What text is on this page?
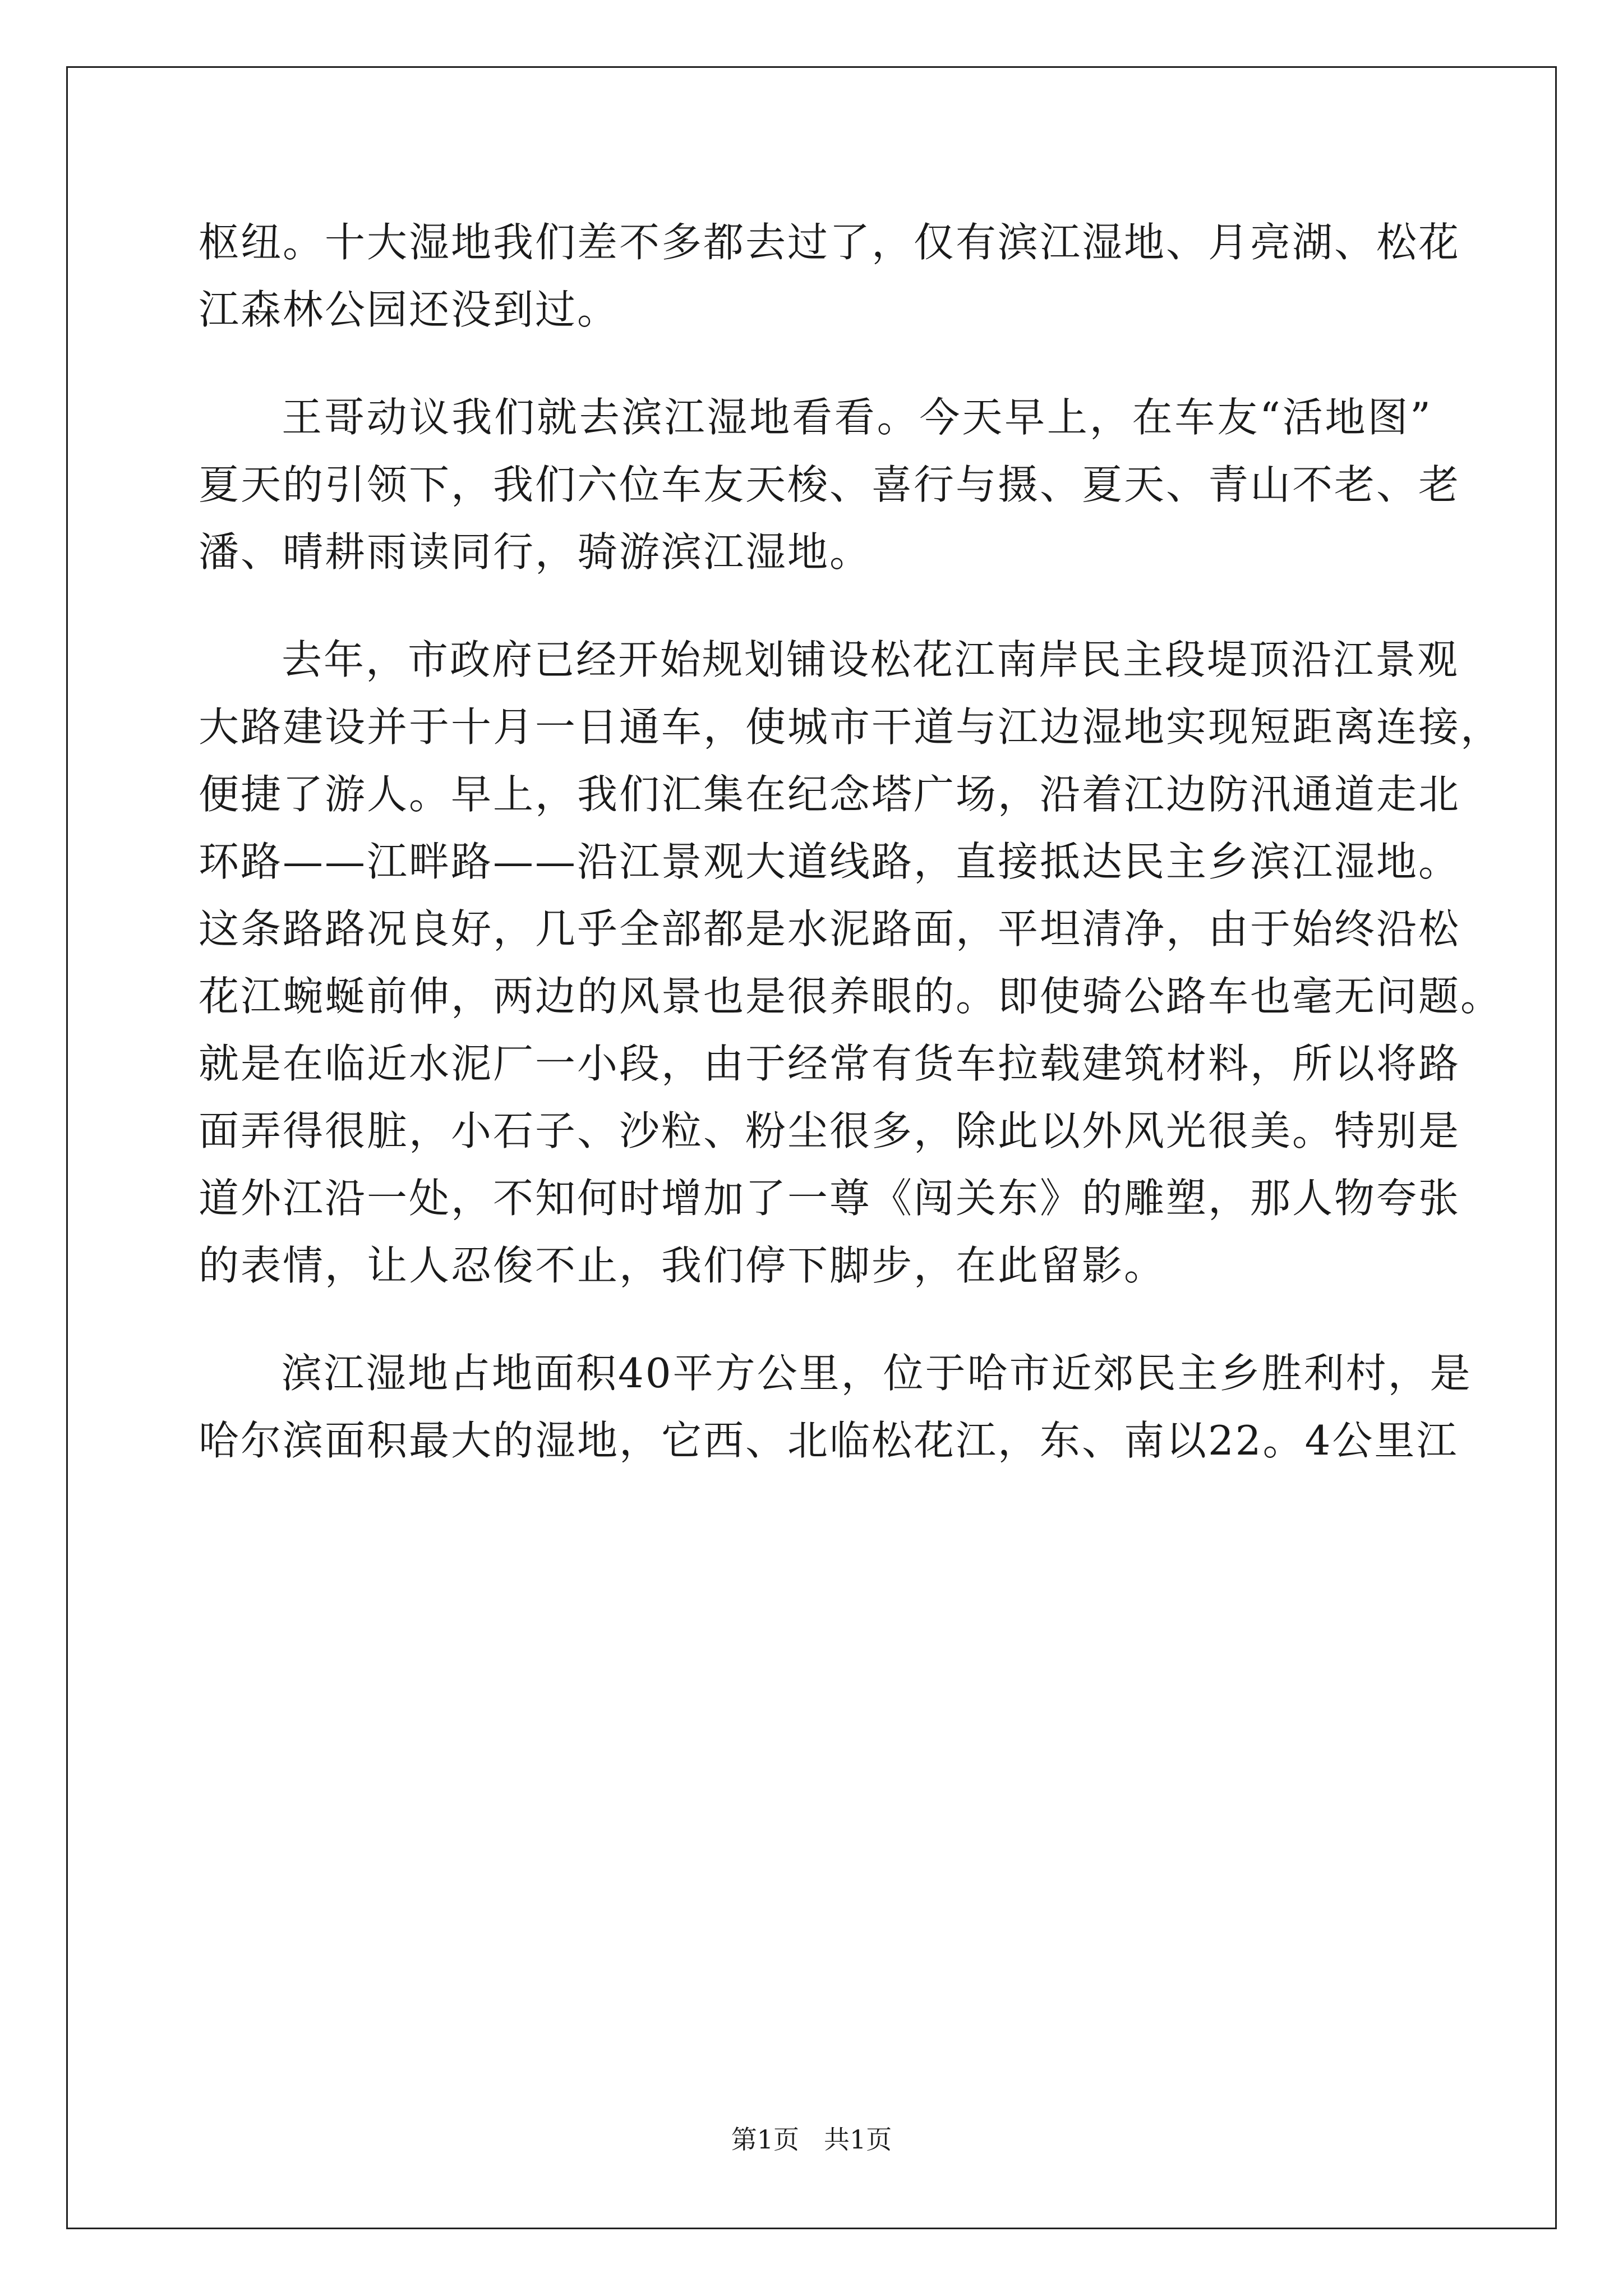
枢纽。十大湿地我们差不多都去过了，仅有滨江湿地、月亮湖、松花
江森林公园还没到过。
王哥动议我们就去滨江湿地看看。今天早上，在车友“活地图”
夏天的引领下，我们六位车友天梭、喜行与摄、夏天、青山不老、老
潘、晴耕雨读同行，骑游滨江湿地。
去年，市政府已经开始规划铺设松花江南岸民主段堤顶沿江景观
大路建设并于十月一日通车，使城市干道与江边湿地实现短距离连接，
便捷了游人。早上，我们汇集在纪念塔广场，沿着江边防汛通道走北
环路——江畔路——沿江景观大道线路，直接抵达民主乡滨江湿地。
这条路路况良好，几乎全部都是水泥路面，平坦清净，由于始终沿松
花江蜿蜒前伸，两边的风景也是很养眼的。即使骑公路车也毫无问题。
就是在临近水泥厂一小段，由于经常有货车拉载建筑材料，所以将路
面弄得很脏，小石子、沙粒、粉尘很多，除此以外风光很美。特别是
道外江沿一处，不知何时增加了一尊《闯关东》的雕塑，那人物夸张
的表情，让人忍俊不止，我们停下脚步，在此留影。
滨江湿地占地面积40平方公里，位于哈市近郊民主乡胜利村，是
哈尔滨面积最大的湿地，它西、北临松花江，东、南以22。4公里江
第1页 共1页
